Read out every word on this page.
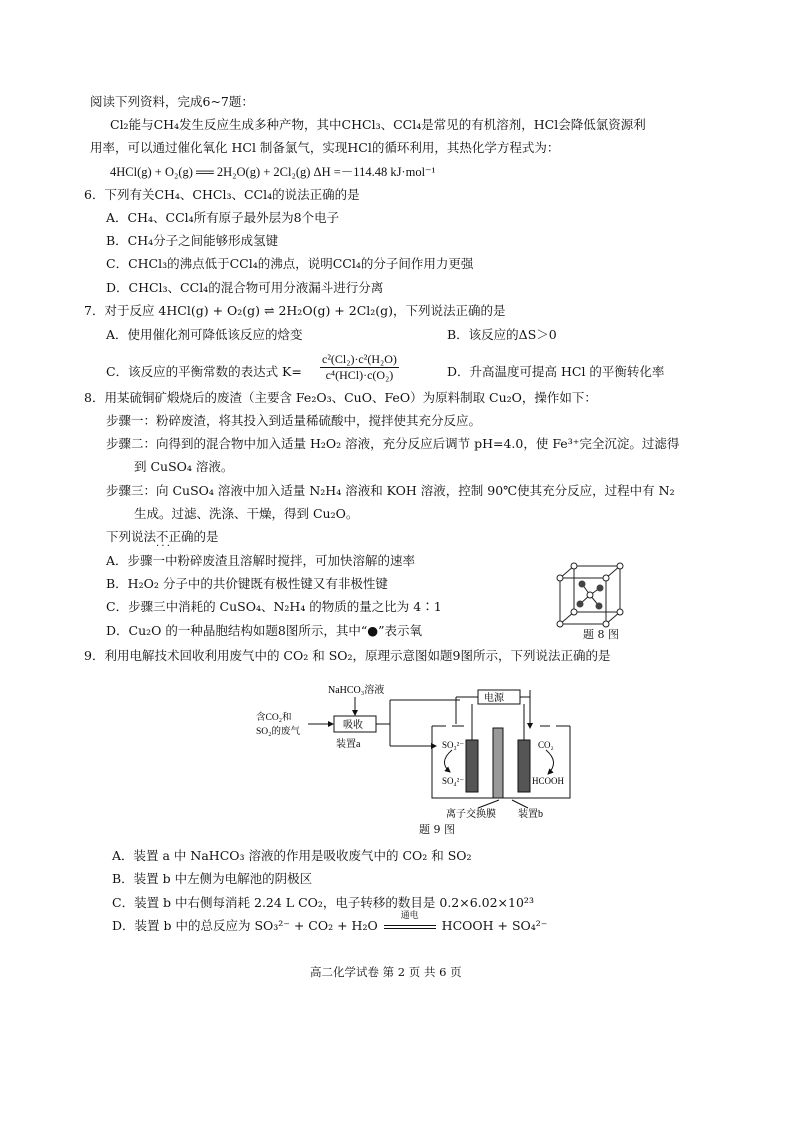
阅读下列资料，完成6~7题：
Cl₂能与CH₄发生反应生成多种产物，其中CHCl₃、CCl₄是常见的有机溶剂，HCl会降低氯资源利
用率，可以通过催化氧化 HCl 制备氯气，实现HCl的循环利用，其热化学方程式为：
4HCl(g) + O₂(g) ══ 2H₂O(g) + 2Cl₂(g) ΔH =－114.48 kJ·mol⁻¹
6．下列有关CH₄、CHCl₃、CCl₄的说法正确的是
A．CH₄、CCl₄所有原子最外层为8个电子
B．CH₄分子之间能够形成氢键
C．CHCl₃的沸点低于CCl₄的沸点，说明CCl₄的分子间作用力更强
D．CHCl₃、CCl₄的混合物可用分液漏斗进行分离
7．对于反应 4HCl(g) + O₂(g) ⇌ 2H₂O(g) + 2Cl₂(g)，下列说法正确的是
A．使用催化剂可降低该反应的焓变	B．该反应的ΔS＞0
C．该反应的平衡常数的表达式 K=
c²(Cl₂)·c²(H₂O)
c⁴(HCl)·c(O₂)	D．升高温度可提高 HCl 的平衡转化率
8．用某硫铜矿煅烧后的废渣（主要含 Fe₂O₃、CuO、FeO）为原料制取 Cu₂O，操作如下：
步骤一：粉碎废渣，将其投入到适量稀硫酸中，搅拌使其充分反应。
步骤二：向得到的混合物中加入适量 H₂O₂ 溶液，充分反应后调节 pH=4.0，使 Fe³⁺完全沉淀。过滤得
到 CuSO₄ 溶液。
步骤三：向 CuSO₄ 溶液中加入适量 N₂H₄ 溶液和 KOH 溶液，控制 90℃使其充分反应，过程中有 N₂
生成。过滤、洗涤、干燥，得到 Cu₂O。
下列说法不正确 · · ·的是
A．步骤一中粉碎废渣且溶解时搅拌，可加快溶解的速率
B．H₂O₂ 分子中的共价键既有极性键又有非极性键
C．步骤三中消耗的 CuSO₄、N₂H₄ 的物质的量之比为 4∶1
D．Cu₂O 的一种晶胞结构如题8图所示，其中“●”表示氧	题 8 图
9．利用电解技术回收利用废气中的 CO₂ 和 SO₂，原理示意图如题9图所示，下列说法正确的是
NaHCO₃溶液
含CO₂和
SO₂的废气
吸收
装置a
电源
SO₃²⁻
SO₄²⁻
CO₂
HCOOH
离子交换膜 装置b
题 9 图
A．装置 a 中 NaHCO₃ 溶液的作用是吸收废气中的 CO₂ 和 SO₂
B．装置 b 中左侧为电解池的阴极区
C．装置 b 中右侧每消耗 2.24 L CO₂，电子转移的数目是 0.2×6.02×10²³
D．装置 b 中的总反应为 SO₃²⁻ + CO₂ + H₂O
通电
HCOOH + SO₄²⁻
高二化学试卷 第 2 页 共 6 页
